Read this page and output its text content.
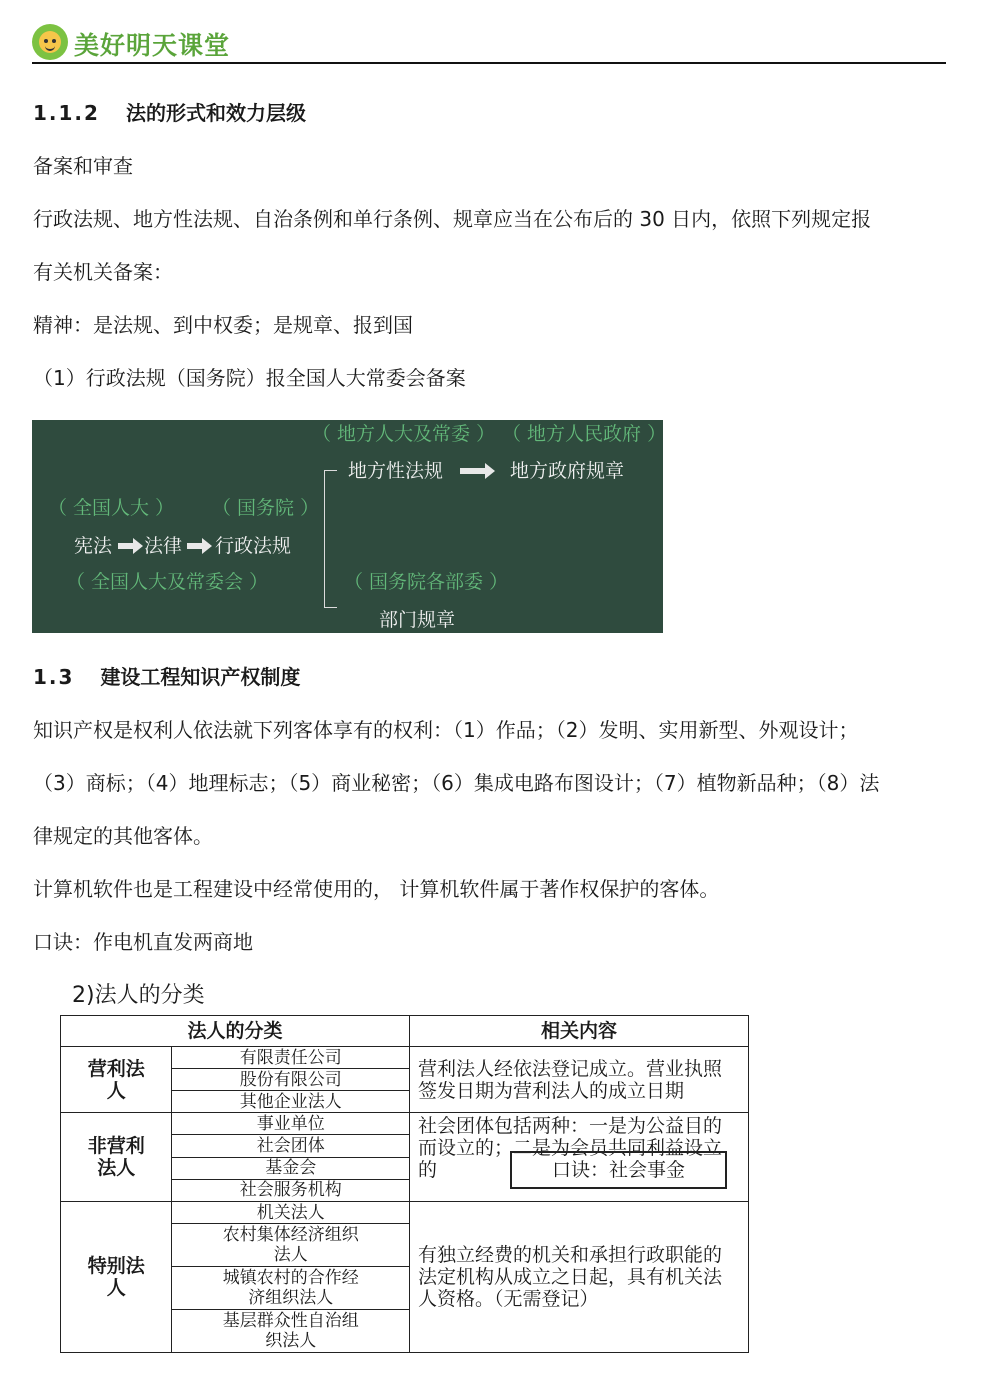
美好明天课堂
1.1.2 法的形式和效力层级
备案和审查
行政法规、地方性法规、自治条例和单行条例、规章应当在公布后的 30 日内，依照下列规定报
有关机关备案：
精神：是法规、到中权委；是规章、报到国
（1）行政法规（国务院）报全国人大常委会备案
（ 地方人大及常委 ） （ 地方人民政府 ）
地方性法规	地方政府规章
（ 全国人大 ） （ 国务院 ）
宪法 法律 行政法规
（ 全国人大及常委会 ）	（ 国务院各部委 ）
部门规章
1.3 建设工程知识产权制度
知识产权是权利人依法就下列客体享有的权利：（1）作品；（2）发明、实用新型、外观设计；
（3）商标；（4）地理标志；（5）商业秘密；（6）集成电路布图设计；（7）植物新品种；（8）法
律规定的其他客体。
计算机软件也是工程建设中经常使用的， 计算机软件属于著作权保护的客体。
口诀：作电机直发两商地
2)法人的分类
法人的分类		相关内容
营利法人	有限责任公司	营利法人经依法登记成立。营业执照签发日期为营利法人的成立日期
	股份有限公司	
	其他企业法人	
非营利法人	事业单位	社会团体包括两种：一是为公益目的而设立的；二是为会员共同利益设立的 口诀：社会事金

	社会团体	
	基金会	
	社会服务机构	
特别法人	机关法人	有独立经费的机关和承担行政职能的法定机构从成立之日起，具有机关法人资格。（无需登记）
	农村集体经济组织法人	
	城镇农村的合作经济组织法人	
	基层群众性自治组织法人	
